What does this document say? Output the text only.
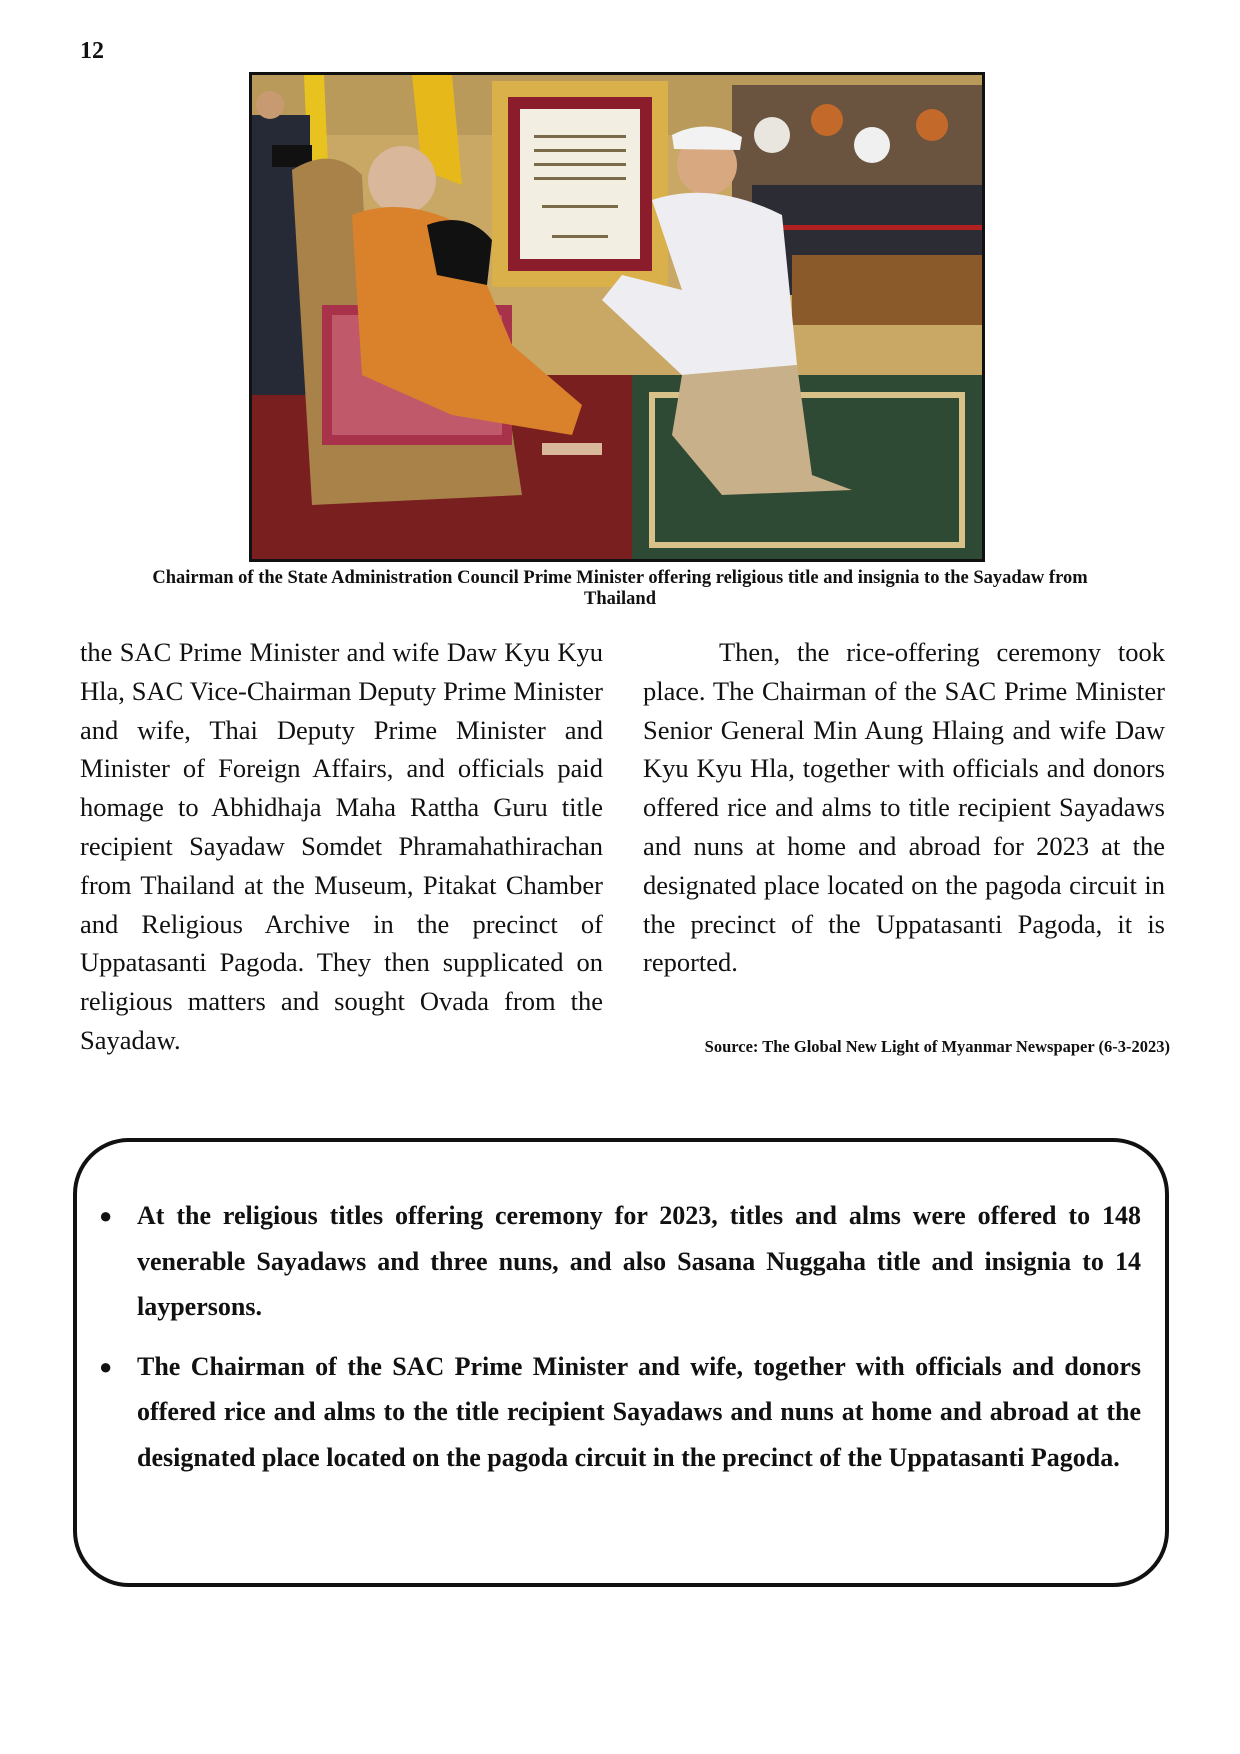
12
Chairman of the State Administration Council Prime Minister offering religious title and insignia to the Sayadaw from Thailand
the SAC Prime Minister and wife Daw Kyu Kyu Hla, SAC Vice-Chairman Deputy Prime Minister and wife, Thai Deputy Prime Minister and Minister of Foreign Affairs, and officials paid homage to Abhidhaja Maha Rattha Guru title recipient Sayadaw Somdet Phramahathirachan from Thailand at the Museum, Pitakat Chamber and Religious Archive in the precinct of Uppatasanti Pagoda. They then supplicated on religious matters and sought Ovada from the Sayadaw.
Then, the rice-offering ceremony took place. The Chairman of the SAC Prime Minister Senior General Min Aung Hlaing and wife Daw Kyu Kyu Hla, together with officials and donors offered rice and alms to title recipient Sayadaws and nuns at home and abroad for 2023 at the designated place located on the pagoda circuit in the precinct of the Uppatasanti Pagoda, it is reported.
Source: The Global New Light of Myanmar Newspaper (6-3-2023)
● At the religious titles offering ceremony for 2023, titles and alms were offered to 148 venerable Sayadaws and three nuns, and also Sasana Nuggaha title and insignia to 14 laypersons.
● The Chairman of the SAC Prime Minister and wife, together with officials and donors offered rice and alms to the title recipient Sayadaws and nuns at home and abroad at the designated place located on the pagoda circuit in the precinct of the Uppatasanti Pagoda.
